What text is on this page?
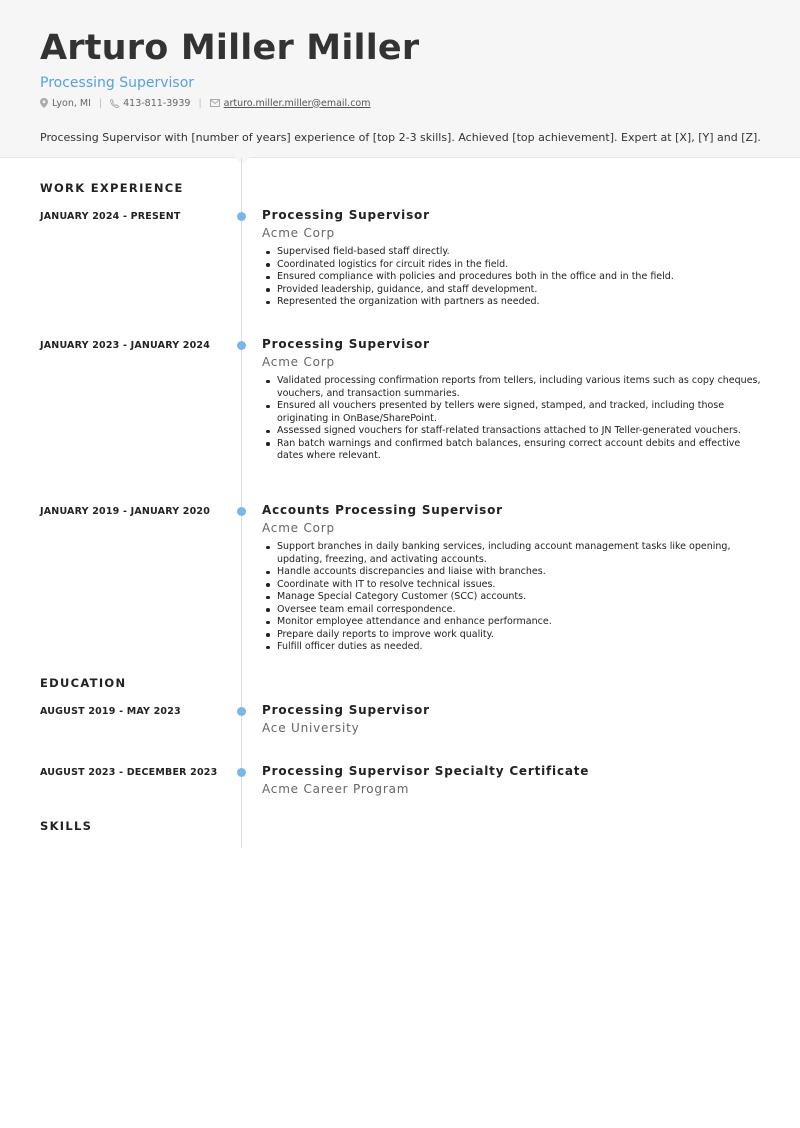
Arturo Miller Miller
Processing Supervisor
Lyon, MI | 413-811-3939 | arturo.miller.miller@email.com
Processing Supervisor with [number of years] experience of [top 2-3 skills]. Achieved [top achievement]. Expert at [X], [Y] and [Z].
WORK EXPERIENCE
JANUARY 2024 - PRESENT	Processing Supervisor
Acme Corp
Supervised field-based staff directly.
Coordinated logistics for circuit rides in the field.
Ensured compliance with policies and procedures both in the office and in the field.
Provided leadership, guidance, and staff development.
Represented the organization with partners as needed.
JANUARY 2023 - JANUARY 2024	Processing Supervisor
Acme Corp
Validated processing confirmation reports from tellers, including various items such as copy cheques, vouchers, and transaction summaries.
Ensured all vouchers presented by tellers were signed, stamped, and tracked, including those originating in OnBase/SharePoint.
Assessed signed vouchers for staff-related transactions attached to JN Teller-generated vouchers.
Ran batch warnings and confirmed batch balances, ensuring correct account debits and effective dates where relevant.
JANUARY 2019 - JANUARY 2020	Accounts Processing Supervisor
Acme Corp
Support branches in daily banking services, including account management tasks like opening, updating, freezing, and activating accounts.
Handle accounts discrepancies and liaise with branches.
Coordinate with IT to resolve technical issues.
Manage Special Category Customer (SCC) accounts.
Oversee team email correspondence.
Monitor employee attendance and enhance performance.
Prepare daily reports to improve work quality.
Fulfill officer duties as needed.
EDUCATION
AUGUST 2019 - MAY 2023	Processing Supervisor
Ace University
AUGUST 2023 - DECEMBER 2023	Processing Supervisor Specialty Certificate
Acme Career Program
SKILLS
